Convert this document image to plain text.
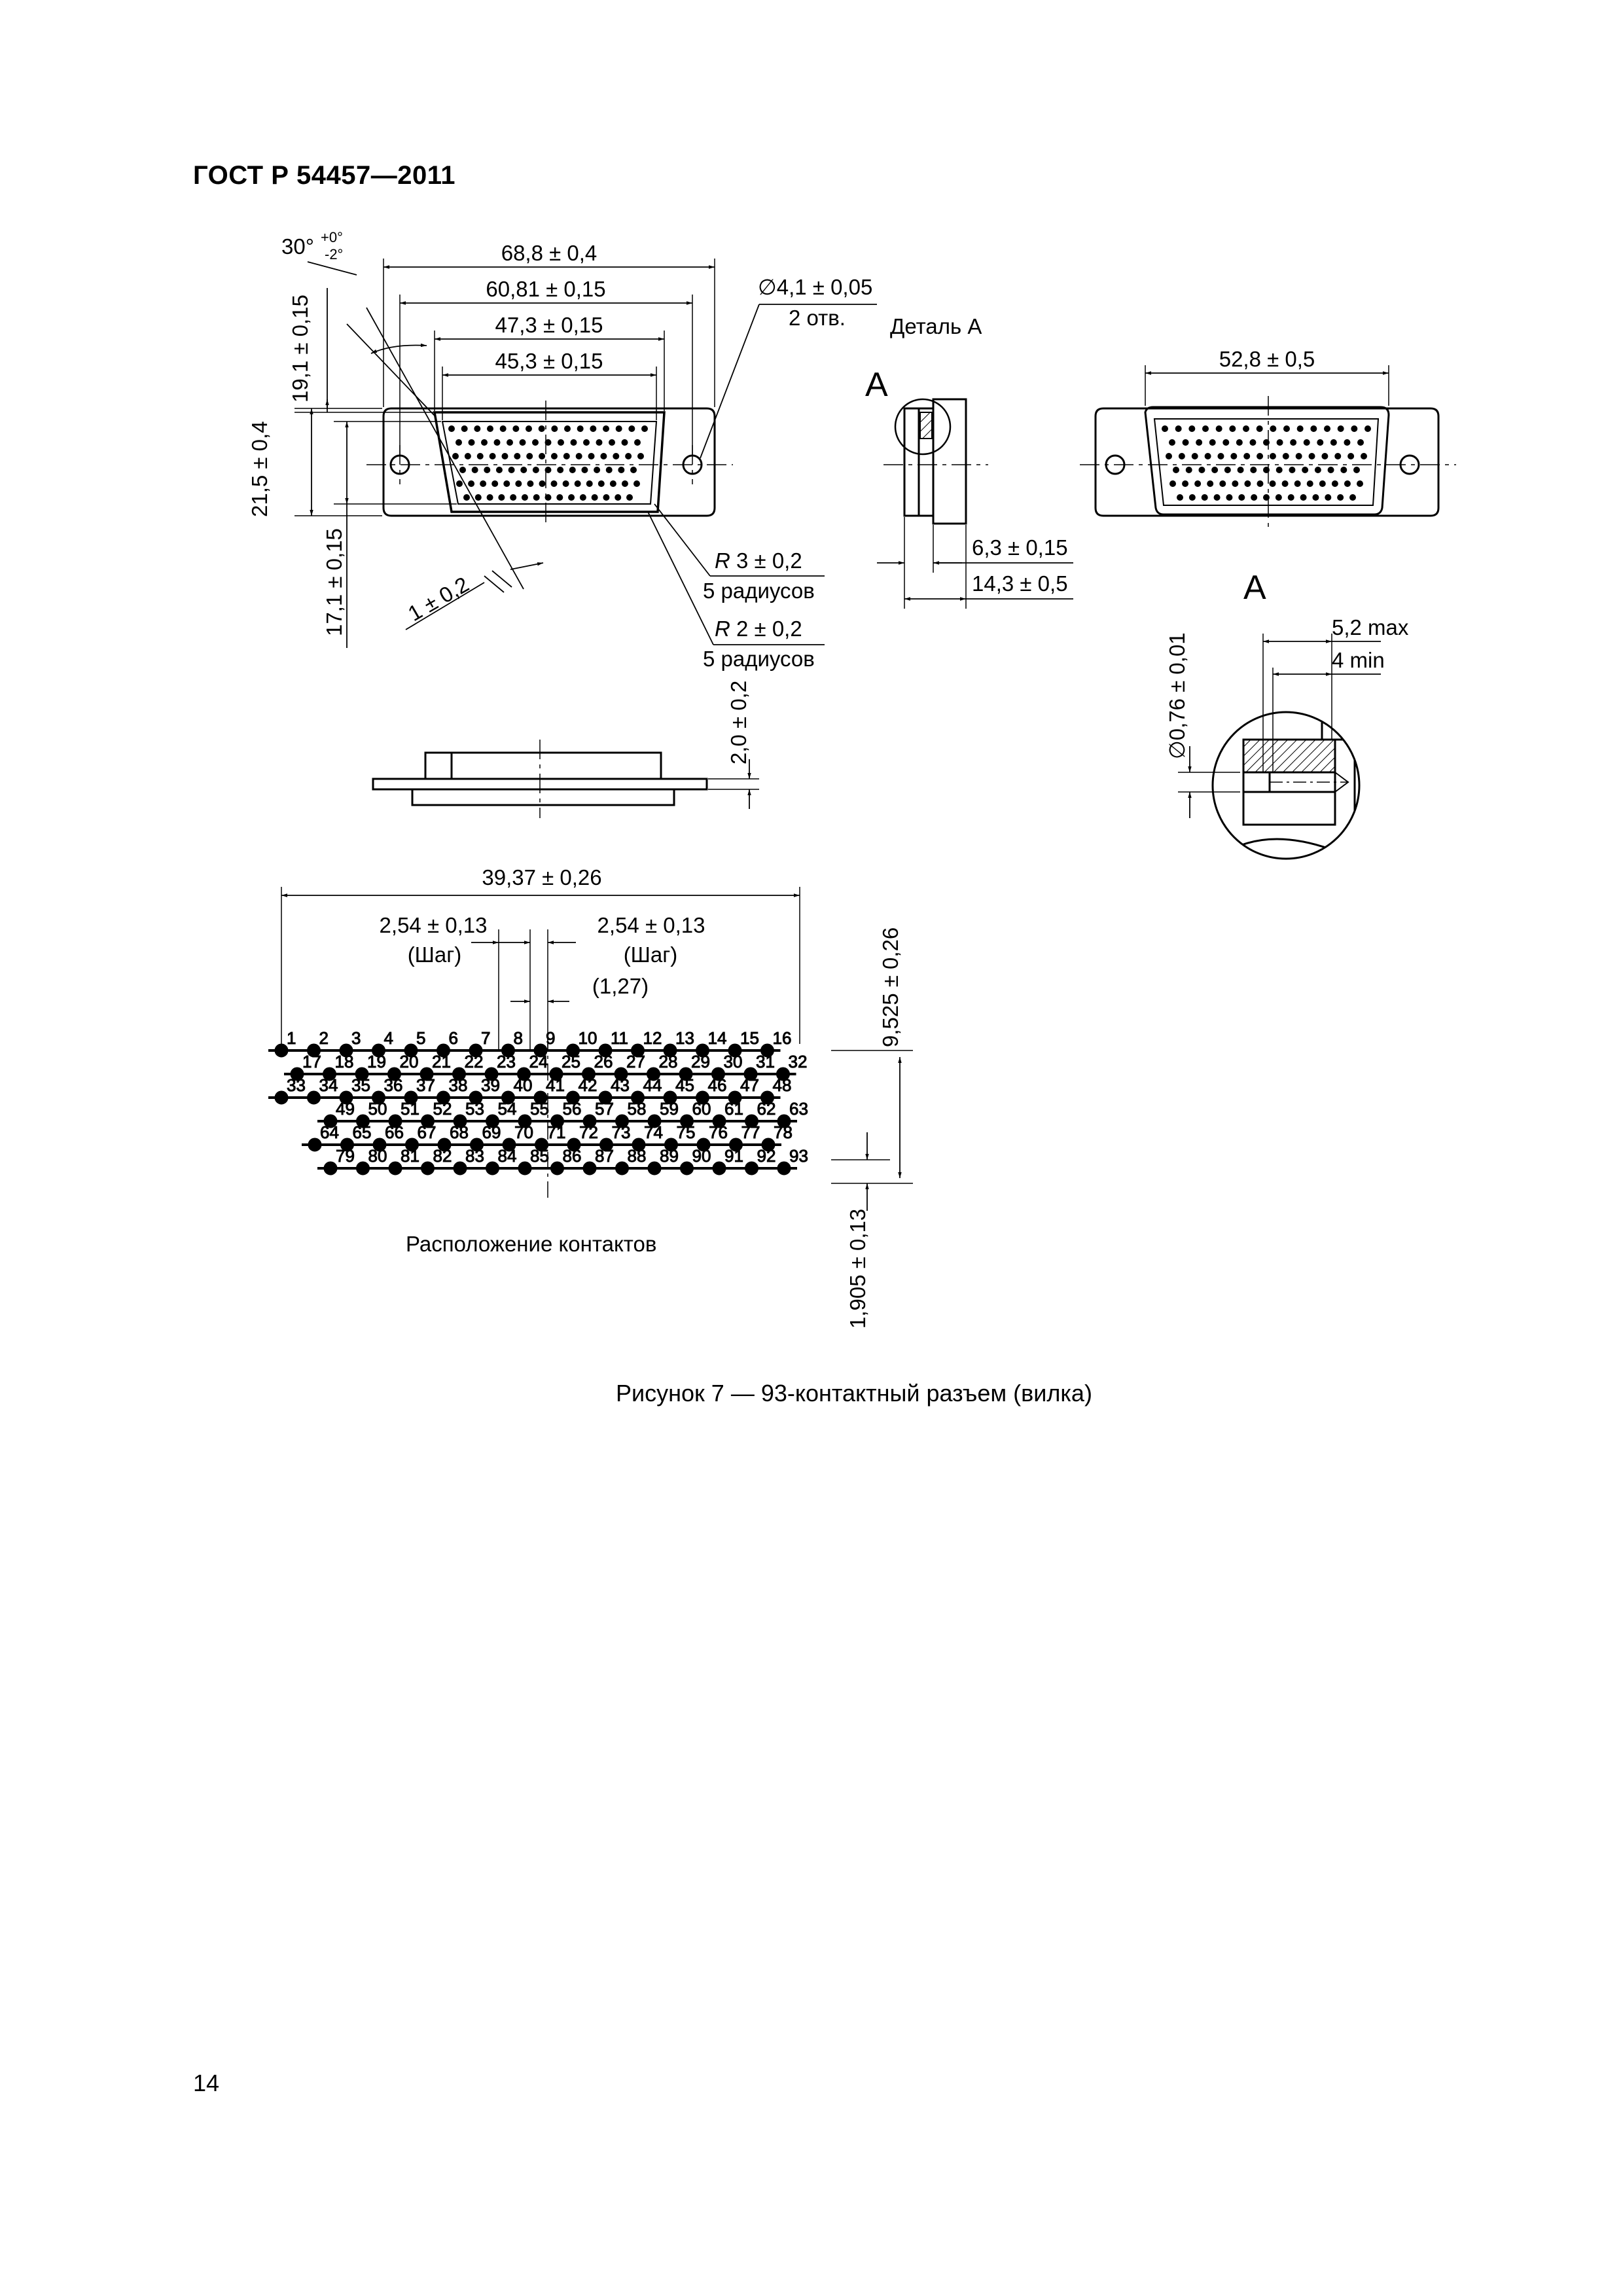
ГОСТ Р 54457—2011
30° +0°
-2°	68,8 ± 0,4
60,81 ± 0,15
47,3 ± 0,15
45,3 ± 0,15
∅4,1 ± 0,05
2 отв.
19,1 ± 0,15
21,5 ± 0,4
17,1 ± 0,15	1 ± 0,2
R 3 ± 0,2
5 радиусов
R 2 ± 0,2
5 радиусов
А
Деталь А
6,3 ± 0,15
14,3 ± 0,5
52,8 ± 0,5
2,0 ± 0,2
А
∅0,76 ± 0,01
5,2 max
4 min
1 2 3 4 5 6 7 8 9 10 11 12 13 14 15 16
17 18 19 20 21 22 23 24 25 26 27 28 29 30 31 32
33 34 35 36 37 38 39 40 41 42 43 44 45 46 47 48
49 50 51 52 53 54 55 56 57 58 59 60 61 62 63
64 65 66 67 68 69 70 71 72 73 74 75 76 77 78
79 80 81 82 83 84 85 86 87 88 89 90 91 92 93
39,37 ± 0,26
2,54 ± 0,13
(Шаг)
2,54 ± 0,13
(Шаг)
(1,27)	9,525 ± 0,26
1,905 ± 0,13
Расположение контактов
Рисунок 7 — 93-контактный разъем (вилка)
14
